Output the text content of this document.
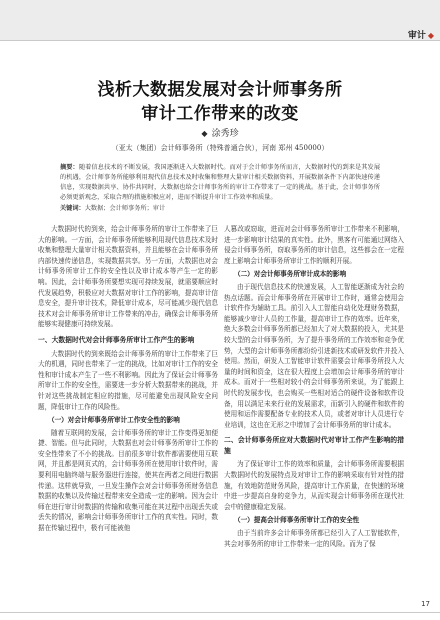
审计 ◆
浅析大数据发展对会计师事务所
审计工作带来的改变
◆ 涂秀珍
（亚太（集团）会计师事务所（特殊普通合伙），河南 郑州 450000）
摘要：随着信息技术的不断发展，我国逐渐进入大数据时代。而对于会计师事务所而言，大数据时代的到来是其发展的机遇，会计师事务所能够利用现代信息技术及时收集和整理大量审计相关数据资料，开展数据条件下内部快速传递信息，实现数据共享、协作共同时，大数据也给会计师事务所的审计工作带来了一定的挑战。基于此，会计师事务所必须更新观念，采取合理的措施积极应对，进而不断提升审计工作效率和质量。
关键词：大数据；会计师事务所；审计

大数据时代的到来，给会计师事务所的审计工作带来了巨大的影响。一方面，会计师事务所能够利用现代信息技术及时收集和整理大量审计相关数据资料，并且能够在会计师事务所内部快速传递信息，实现数据共享。另一方面，大数据也对会计师事务所审计工作的安全性以及审计成本等产生一定的影响。因此，会计师事务所要想实现可持续发展，就需要顺应时代发展趋势，积极应对大数据对审计工作的影响，提高审计信息安全，提升审计技术，降低审计成本，尽可能减少现代信息技术对会计师事务所审计工作带来的冲击，确保会计师事务所能够实现健康可持续发展。

一、大数据时代对会计师事务所审计工作产生的影响

大数据时代的到来既给会计师事务所的审计工作带来了巨大的机遇，同时也带来了一定的挑战，比如对审计工作的安全性和审计成本产生了一些不利影响。因此为了保证会计师事务所审计工作的安全性，需要进一步分析大数据带来的挑战，并针对这些挑战制定相应的措施，尽可能避免出现风险安全问题，降低审计工作的风险性。

（一）对会计师事务所审计工作安全性的影响

随着互联网的发展，会计师事务所的审计工作变得更加便捷、智能。但与此同时，大数据也对会计师事务所审计工作的安全性带来了不小的挑战。目前很多审计软件都需要使用互联网，并且都是网页式的，会计师事务所在使用审计软件时，需要利用电脑终端与服务器进行连接，使其在两者之间进行数据传递。这样就导致，一旦发生操作会对会计师事务所财务信息数据的收集以及传输过程带来安全造成一定的影响。因为会计师在进行审计时数据的传输和收集可能在其过程中出现丢失或丢失的情况，影响会计师事务所审计工作的真实性。同时，数据在传输过程中，极有可能被他

人篡改或窃取，进而对会计师事务所审计工作带来不利影响，进一步影响审计结果的真实性。此外，黑客有可能通过网络入侵会计师事务所，窃取事务所的审计信息，这些都会在一定程度上影响会计师事务所审计工作的顺利开展。

（二）对会计师事务所审计成本的影响

由于现代信息技术的快速发展，人工智能逐渐成为社会的热点话题。而会计师事务所在开展审计工作时，通常会使用会计软件作为辅助工具。前引入人工智能自动化处理财务数据，能够减少审计人员的工作量，提高审计工作的效率。近年来，绝大多数会计师事务所都已经加大了对大数据的投入，尤其是较大型的会计师事务所，为了提升事务所的工作效率和竞争优势，大型的会计师事务所都纷纷引进新技术或研发软件并投入使用。然而，研发人工智能审计软件需要会计师事务所投入大量的时间和资金，这在很大程度上会增加会计师事务所的审计成本。而对于一些相对较小的会计师事务所来说，为了能跟上时代的发展步伐，也会购买一些相对适合的硬件设备和软件设备，用以满足未来行业的发展需求，而新引入的硬件和软件的使用和运作需要配备专业的技术人员，或者对审计人员进行专业培训，这也在无形之中增加了会计师事务所的审计成本。

二、会计师事务所应对大数据时代对审计工作产生影响的措施

为了保证审计工作的效率和质量，会计师事务所需要根据大数据时代的发展特点及对审计工作的影响采取有针对性的措施，有效地防范财务风险，提高审计工作质量，在快速的环境中进一步提高自身的竞争力，从而实现会计师事务所在现代社会中的健康稳定发展。

（一）提高会计师事务所审计工作的安全性

由于当前许多会计师事务所都已经引入了人工智能软件，其会对事务所的审计工作带来一定的风险。而为了保

17
